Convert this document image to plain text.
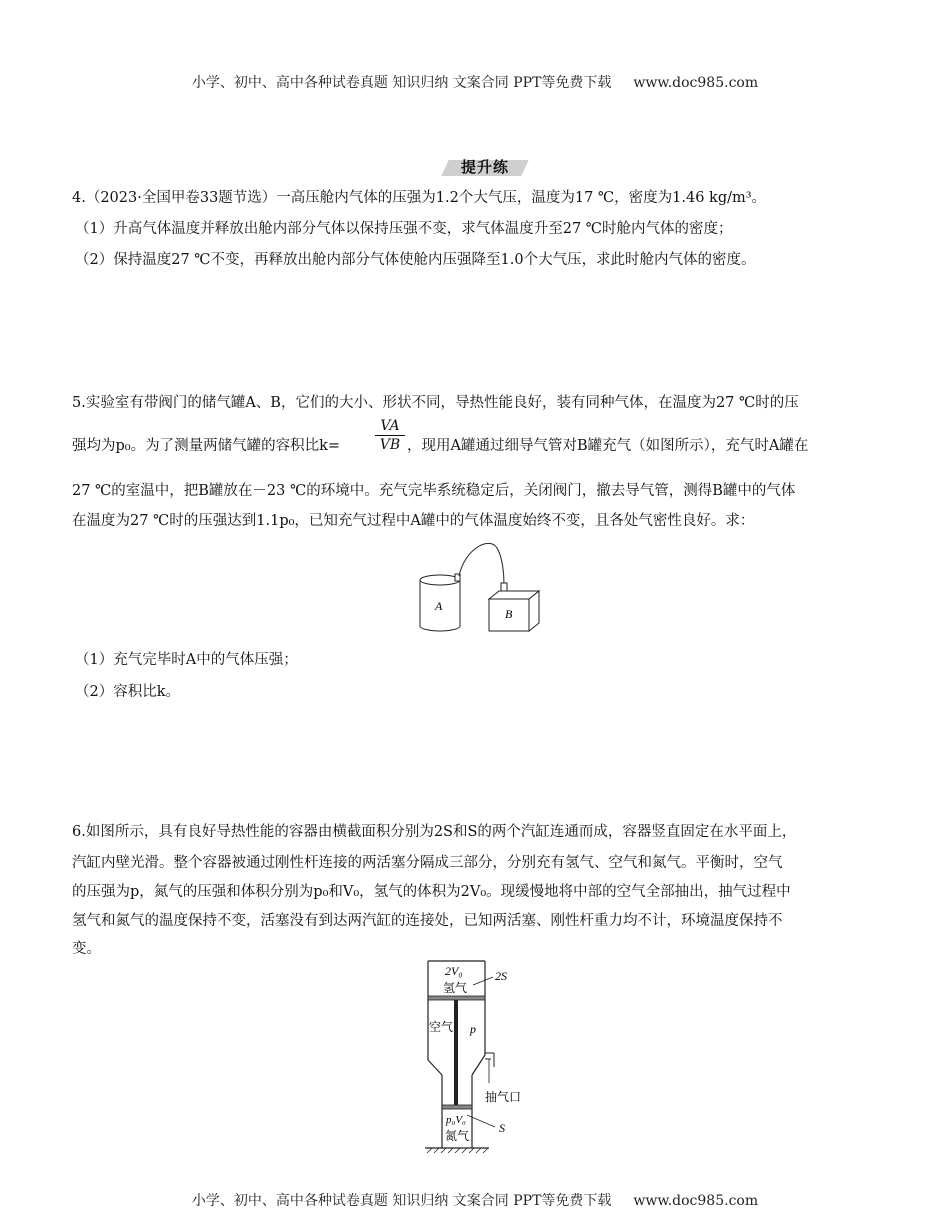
小学、初中、高中各种试卷真题 知识归纳 文案合同 PPT等免费下载 www.doc985.com
提升练
4.（2023·全国甲卷33题节选）一高压舱内气体的压强为1.2个大气压，温度为17 ℃，密度为1.46 kg/m³。
（1）升高气体温度并释放出舱内部分气体以保持压强不变，求气体温度升至27 ℃时舱内气体的密度；
（2）保持温度27 ℃不变，再释放出舱内部分气体使舱内压强降至1.0个大气压，求此时舱内气体的密度。
5.实验室有带阀门的储气罐A、B，它们的大小、形状不同，导热性能良好，装有同种气体，在温度为27 ℃时的压
强均为p₀。为了测量两储气罐的容积比k=
VA
VB ，现用A罐通过细导气管对B罐充气（如图所示），充气时A罐在
27 ℃的室温中，把B罐放在－23 ℃的环境中。充气完毕系统稳定后，关闭阀门，撤去导气管，测得B罐中的气体
在温度为27 ℃时的压强达到1.1p₀，已知充气过程中A罐中的气体温度始终不变，且各处气密性良好。求：
A
B
（1）充气完毕时A中的气体压强；
（2）容积比k。
6.如图所示，具有良好导热性能的容器由横截面积分别为2S和S的两个汽缸连通而成，容器竖直固定在水平面上，
汽缸内壁光滑。整个容器被通过刚性杆连接的两活塞分隔成三部分，分别充有氢气、空气和氮气。平衡时，空气
的压强为p，氮气的压强和体积分别为p₀和V₀，氢气的体积为2V₀。现缓慢地将中部的空气全部抽出，抽气过程中
氢气和氮气的温度保持不变，活塞没有到达两汽缸的连接处，已知两活塞、刚性杆重力均不计，环境温度保持不
变。
2V₀
氢气
2S
空气 p
抽气口
p₀V₀
氮气
S
小学、初中、高中各种试卷真题 知识归纳 文案合同 PPT等免费下载 www.doc985.com
